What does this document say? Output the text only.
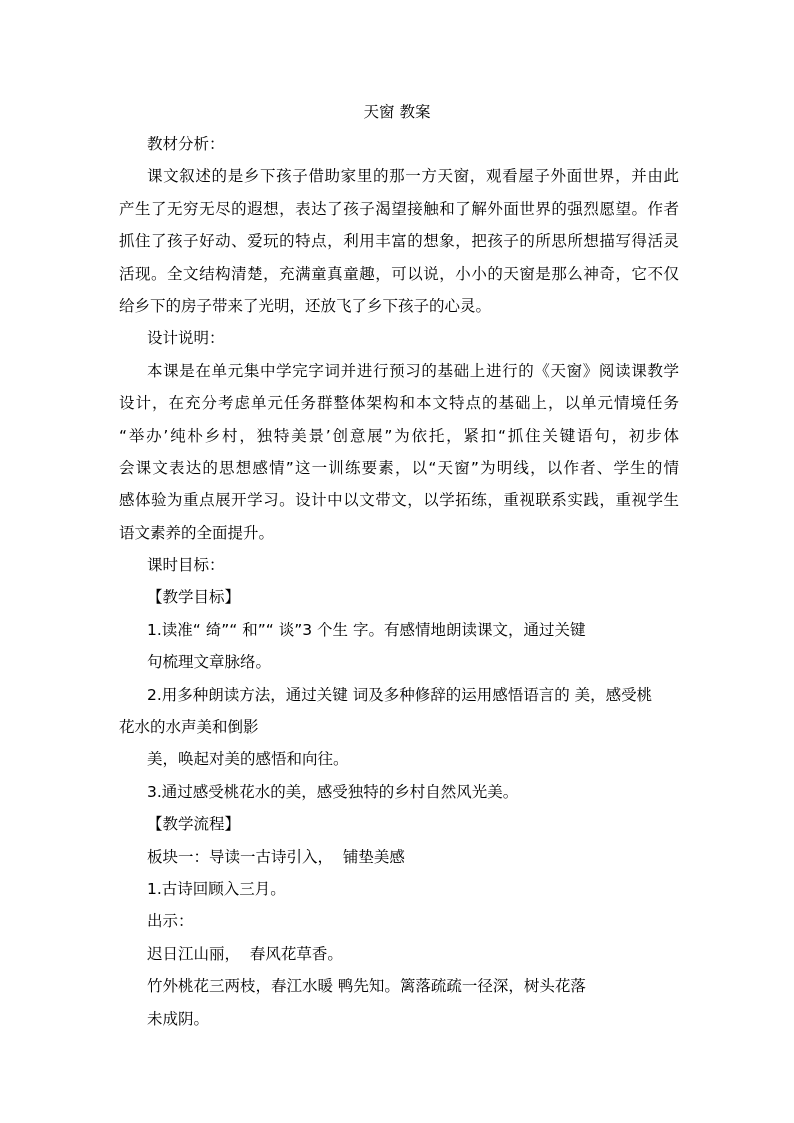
天窗 教案
教材分析：
课文叙述的是乡下孩子借助家里的那一方天窗，观看屋子外面世界，并由此
产生了无穷无尽的遐想，表达了孩子渴望接触和了解外面世界的强烈愿望。作者
抓住了孩子好动、爱玩的特点，利用丰富的想象，把孩子的所思所想描写得活灵
活现。全文结构清楚，充满童真童趣，可以说，小小的天窗是那么神奇，它不仅
给乡下的房子带来了光明，还放飞了乡下孩子的心灵。
设计说明：
本课是在单元集中学完字词并进行预习的基础上进行的《天窗》阅读课教学
设计，在充分考虑单元任务群整体架构和本文特点的基础上，以单元情境任务
“举办’纯朴乡村，独特美景’创意展”为依托，紧扣“抓住关键语句，初步体
会课文表达的思想感情”这一训练要素，以“天窗”为明线，以作者、学生的情
感体验为重点展开学习。设计中以文带文，以学拓练，重视联系实践，重视学生
语文素养的全面提升。
课时目标：
【教学目标】
1.读准“ 绮”“ 和”“ 谈”3 个生 字。有感情地朗读课文，通过关键
句梳理文章脉络。
2.用多种朗读方法，通过关键 词及多种修辞的运用感悟语言的 美，感受桃
花水的水声美和倒影
美，唤起对美的感悟和向往。
3.通过感受桃花水的美，感受独特的乡村自然风光美。
【教学流程】
板块一：导读一古诗引入，  铺垫美感
1.古诗回顾入三月。
出示：
迟日江山丽，  春风花草香。
竹外桃花三两枝，春江水暖 鸭先知。篱落疏疏一径深，树头花落
未成阴。
